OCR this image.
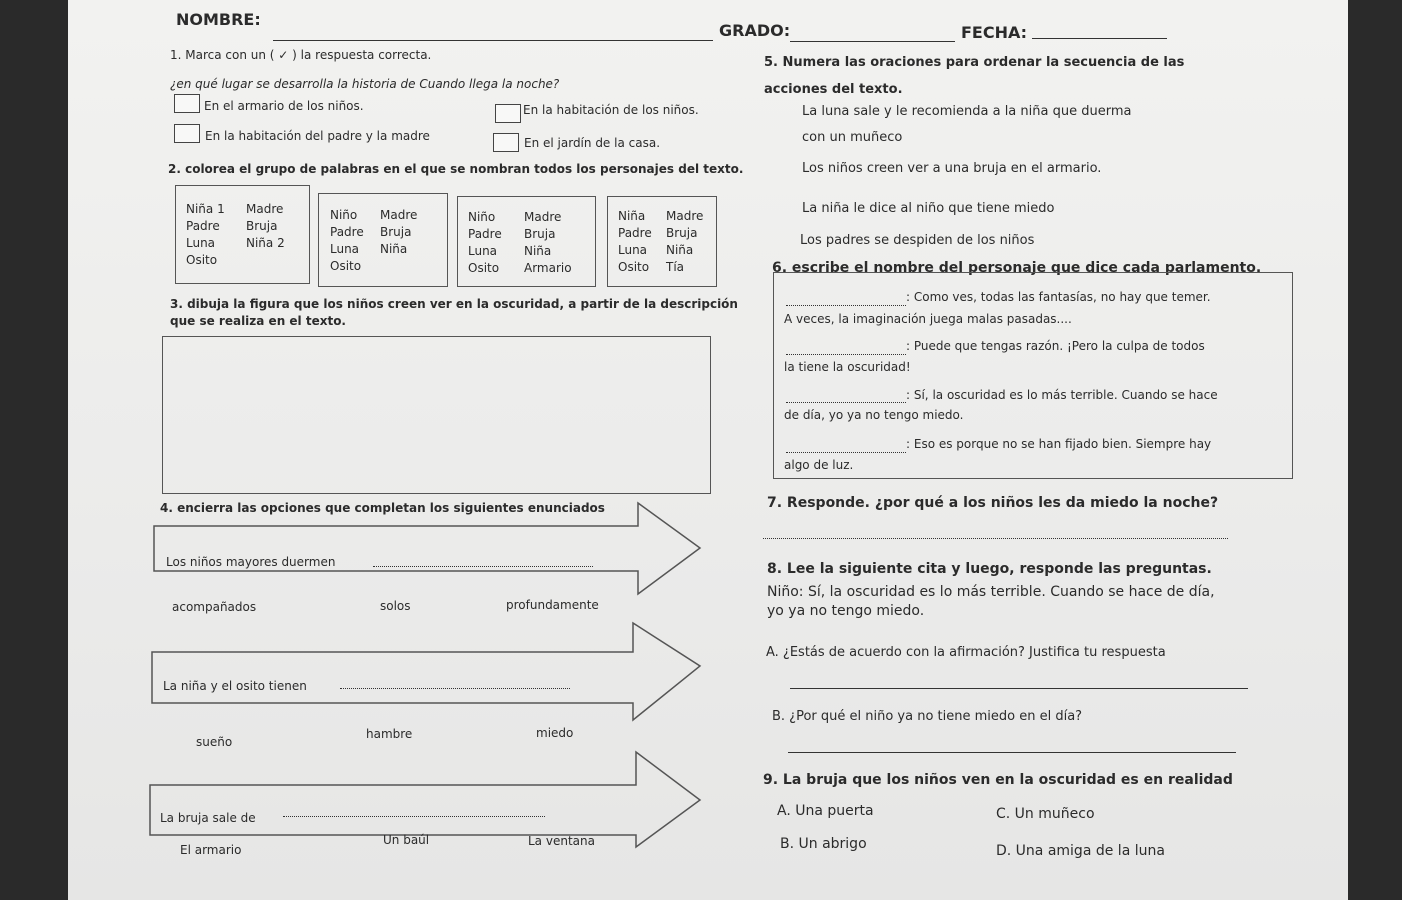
NOMBRE:
GRADO:	FECHA:
1. Marca con un ( ✓ ) la respuesta correcta.
¿en qué lugar se desarrolla la historia de Cuando llega la noche?
En el armario de los niños.	En la habitación de los niños.
En la habitación del padre y la madre	En el jardín de la casa.
2. colorea el grupo de palabras en el que se nombran todos los personajes del texto.
Niña 1	Madre
Padre	Bruja
Luna	Niña 2
Osito
Niño	Madre
Padre	Bruja
Luna	Niña
Osito
Niño	Madre
Padre	Bruja
Luna	Niña
Osito	Armario
Niña	Madre
Padre	Bruja
Luna	Niña
Osito	Tía
3. dibuja la figura que los niños creen ver en la oscuridad, a partir de la descripción
que se realiza en el texto.
4. encierra las opciones que completan los siguientes enunciados
Los niños mayores duermen
acompañados	solos	profundamente
La niña y el osito tienen
sueño
hambre	miedo
La bruja sale de
El armario
Un baúl	La ventana
5. Numera las oraciones para ordenar la secuencia de las
acciones del texto.
La luna sale y le recomienda a la niña que duerma
con un muñeco
Los niños creen ver a una bruja en el armario.
La niña le dice al niño que tiene miedo
Los padres se despiden de los niños
6. escribe el nombre del personaje que dice cada parlamento.
: Como ves, todas las fantasías, no hay que temer.
A veces, la imaginación juega malas pasadas....
: Puede que tengas razón. ¡Pero la culpa de todos
la tiene la oscuridad!
: Sí, la oscuridad es lo más terrible. Cuando se hace
de día, yo ya no tengo miedo.
: Eso es porque no se han fijado bien. Siempre hay
algo de luz.
7. Responde. ¿por qué a los niños les da miedo la noche?
8. Lee la siguiente cita y luego, responde las preguntas.
Niño: Sí, la oscuridad es lo más terrible. Cuando se hace de día,
yo ya no tengo miedo.
A. ¿Estás de acuerdo con la afirmación? Justifica tu respuesta
B. ¿Por qué el niño ya no tiene miedo en el día?
9. La bruja que los niños ven en la oscuridad es en realidad
A. Una puerta	C. Un muñeco
B. Un abrigo	D. Una amiga de la luna
